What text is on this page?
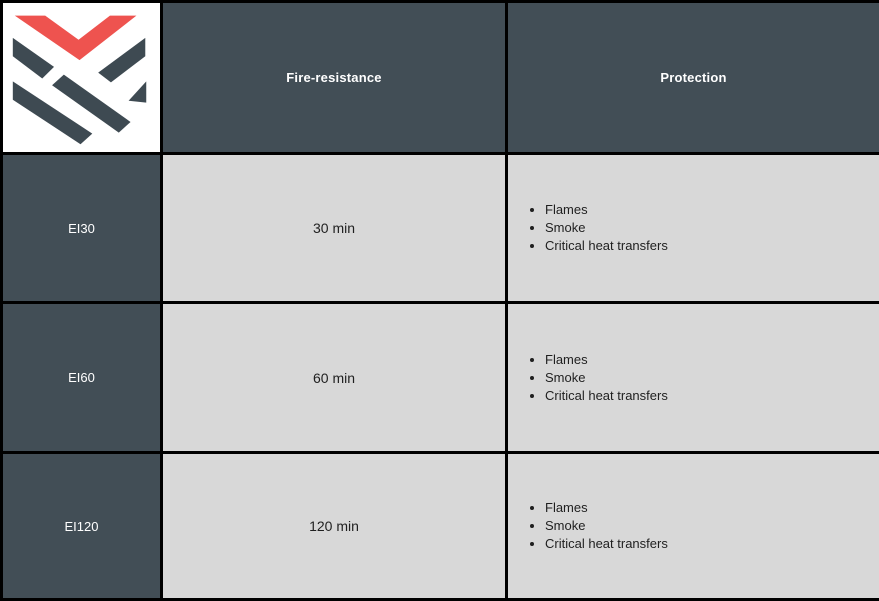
	Fire-resistance	Protection
EI30	30 min	
• Flames
• Smoke
• Critical heat transfers

EI60	60 min	
• Flames
• Smoke
• Critical heat transfers

EI120	120 min	
• Flames
• Smoke
• Critical heat transfers
